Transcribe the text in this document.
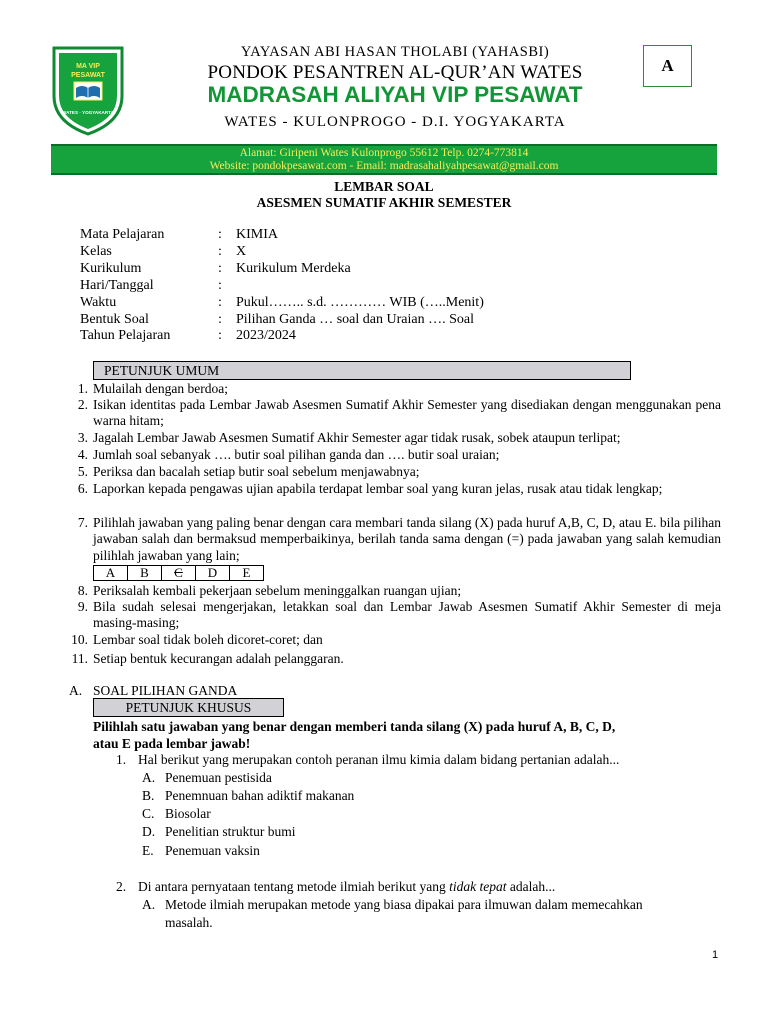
MA VIP
PESAWAT
WATES · YOGYAKARTA
YAYASAN ABI HASAN THOLABI (YAHASBI)
PONDOK PESANTREN AL-QUR’AN WATES
MADRASAH ALIYAH VIP PESAWAT
WATES - KULONPROGO - D.I. YOGYAKARTA
A
Alamat: Giripeni Wates Kulonprogo 55612 Telp. 0274-773814
Website: pondokpesawat.com - Email: madrasahaliyahpesawat@gmail.com
LEMBAR SOAL
ASESMEN SUMATIF AKHIR SEMESTER
Mata Pelajaran	: KIMIA
Kelas	: X
Kurikulum	: Kurikulum Merdeka
Hari/Tanggal	:
Waktu	: Pukul…….. s.d. ………… WIB (…..Menit)
Bentuk Soal	: Pilihan Ganda … soal dan Uraian …. Soal
Tahun Pelajaran	: 2023/2024
PETUNJUK UMUM
1. Mulailah dengan berdoa;
2. Isikan identitas pada Lembar Jawab Asesmen Sumatif Akhir Semester yang disediakan dengan menggunakan pena warna hitam;
3. Jagalah Lembar Jawab Asesmen Sumatif Akhir Semester agar tidak rusak, sobek ataupun terlipat;
4. Jumlah soal sebanyak …. butir soal pilihan ganda dan …. butir soal uraian;
5. Periksa dan bacalah setiap butir soal sebelum menjawabnya;
6. Laporkan kepada pengawas ujian apabila terdapat lembar soal yang kuran jelas, rusak atau tidak lengkap;
7. Pilihlah jawaban yang paling benar dengan cara membari tanda silang (X) pada huruf A,B, C, D, atau E. bila pilihan jawaban salah dan bermaksud memperbaikinya, berilah tanda sama dengan (=) pada jawaban yang salah kemudian pilihlah jawaban yang lain;
A	B	C	D	E
8. Periksalah kembali pekerjaan sebelum meninggalkan ruangan ujian;
9. Bila sudah selesai mengerjakan, letakkan soal dan Lembar Jawab Asesmen Sumatif Akhir Semester di meja masing-masing;
10. Lembar soal tidak boleh dicoret-coret; dan
11. Setiap bentuk kecurangan adalah pelanggaran.
A. SOAL PILIHAN GANDA
PETUNJUK KHUSUS
Pilihlah satu jawaban yang benar dengan memberi tanda silang (X) pada huruf A, B, C, D,
atau E pada lembar jawab!
1. Hal berikut yang merupakan contoh peranan ilmu kimia dalam bidang pertanian adalah...
A. Penemuan pestisida
B. Penemnuan bahan adiktif makanan
C. Biosolar
D. Penelitian struktur bumi
E. Penemuan vaksin
2. Di antara pernyataan tentang metode ilmiah berikut yang tidak tepat adalah...
A. Metode ilmiah merupakan metode yang biasa dipakai para ilmuwan dalam memecahkan
masalah.
1
